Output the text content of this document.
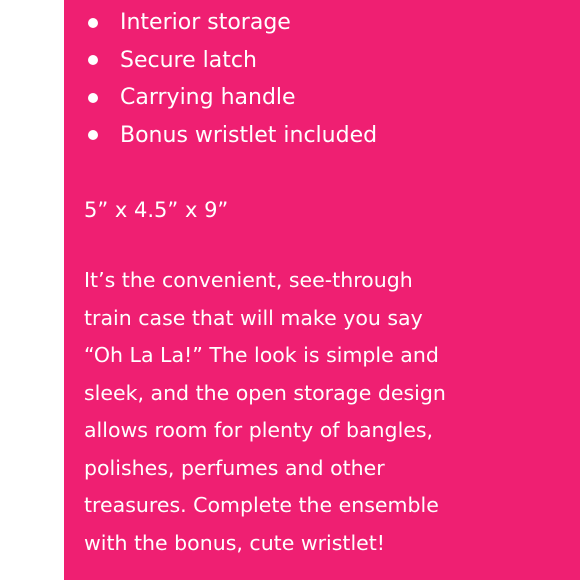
Interior storage
Secure latch
Carrying handle
Bonus wristlet included

5” x 4.5” x 9”

It’s the convenient, see-through
train case that will make you say
“Oh La La!” The look is simple and
sleek, and the open storage design
allows room for plenty of bangles,
polishes, perfumes and other
treasures. Complete the ensemble
with the bonus, cute wristlet!
